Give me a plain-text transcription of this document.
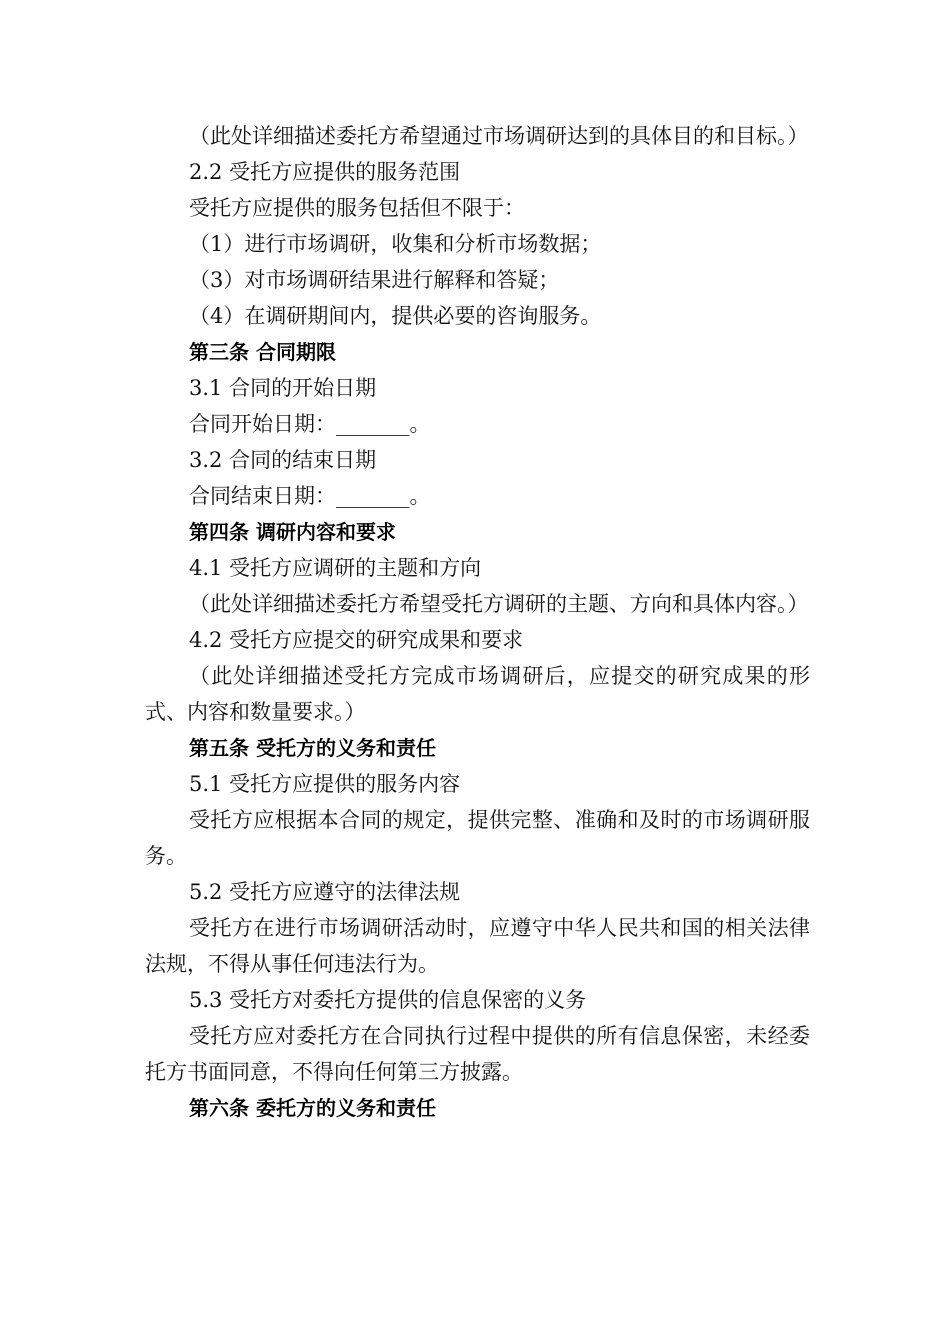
（此处详细描述委托方希望通过市场调研达到的具体目的和目标。）

2.2 受托方应提供的服务范围

受托方应提供的服务包括但不限于：

（1）进行市场调研，收集和分析市场数据；

（3）对市场调研结果进行解释和答疑；

（4）在调研期间内，提供必要的咨询服务。

第三条 合同期限

3.1 合同的开始日期

合同开始日期：_______。

3.2 合同的结束日期

合同结束日期：_______。

第四条 调研内容和要求

4.1 受托方应调研的主题和方向

（此处详细描述委托方希望受托方调研的主题、方向和具体内容。）

4.2 受托方应提交的研究成果和要求

（此处详细描述受托方完成市场调研后，应提交的研究成果的形式、内容和数量要求。）

第五条 受托方的义务和责任

5.1 受托方应提供的服务内容

受托方应根据本合同的规定，提供完整、准确和及时的市场调研服务。

5.2 受托方应遵守的法律法规

受托方在进行市场调研活动时，应遵守中华人民共和国的相关法律法规，不得从事任何违法行为。

5.3 受托方对委托方提供的信息保密的义务

受托方应对委托方在合同执行过程中提供的所有信息保密，未经委托方书面同意，不得向任何第三方披露。

第六条 委托方的义务和责任
